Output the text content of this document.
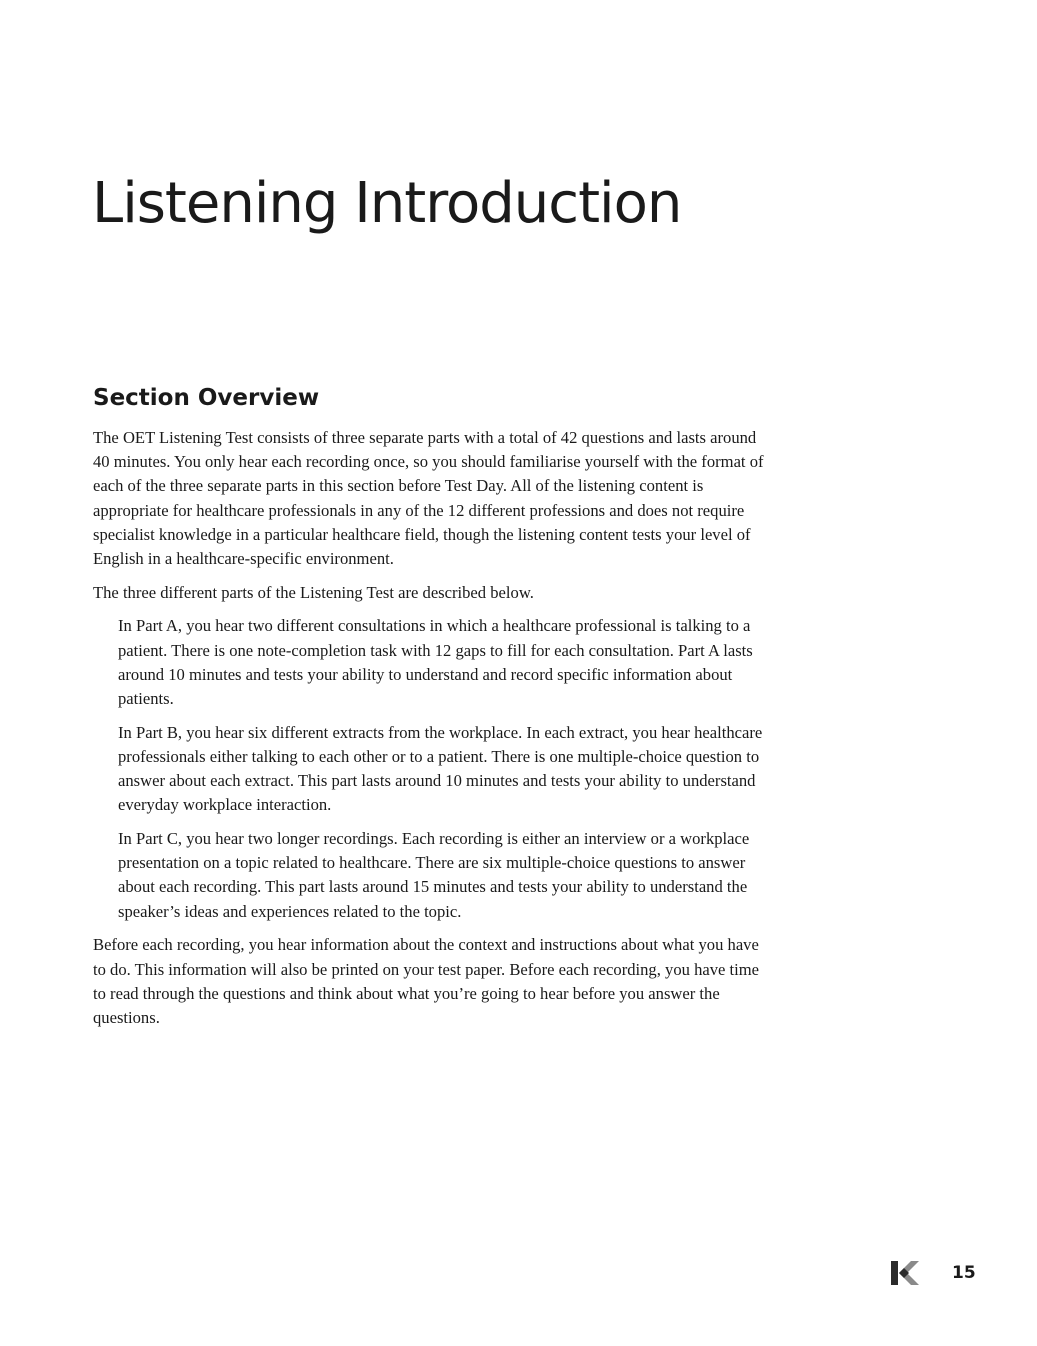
Listening Introduction
Section Overview

The OET Listening Test consists of three separate parts with a total of 42 questions and lasts around 40 minutes. You only hear each recording once, so you should familiarise yourself with the format of each of the three separate parts in this section before Test Day. All of the listening content is appropriate for healthcare professionals in any of the 12 different professions and does not require specialist knowledge in a particular healthcare field, though the listening content tests your level of English in a healthcare-specific environment.

The three different parts of the Listening Test are described below.

In Part A, you hear two different consultations in which a healthcare professional is talking to a patient. There is one note-completion task with 12 gaps to fill for each consultation. Part A lasts around 10 minutes and tests your ability to understand and record specific information about patients.

In Part B, you hear six different extracts from the workplace. In each extract, you hear healthcare professionals either talking to each other or to a patient. There is one multiple-choice question to answer about each extract. This part lasts around 10 minutes and tests your ability to understand everyday workplace interaction.

In Part C, you hear two longer recordings. Each recording is either an interview or a workplace presentation on a topic related to healthcare. There are six multiple-choice questions to answer about each recording. This part lasts around 15 minutes and tests your ability to understand the speaker’s ideas and experiences related to the topic.

Before each recording, you hear information about the context and instructions about what you have to do. This information will also be printed on your test paper. Before each recording, you have time to read through the questions and think about what you’re going to hear before you answer the questions.

15
